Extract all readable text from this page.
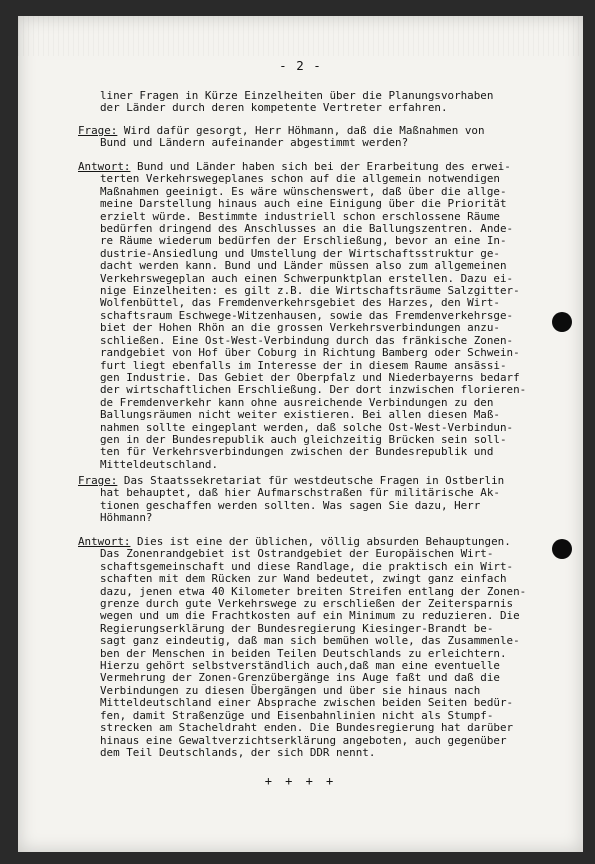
- 2 -
liner Fragen in Kürze Einzelheiten über die Planungsvorhaben
der Länder durch deren kompetente Vertreter erfahren.
Frage: Wird dafür gesorgt, Herr Höhmann, daß die Maßnahmen von
Bund und Ländern aufeinander abgestimmt werden?
Antwort: Bund und Länder haben sich bei der Erarbeitung des erwei-
terten Verkehrswegeplanes schon auf die allgemein notwendigen
Maßnahmen geeinigt. Es wäre wünschenswert, daß über die allge-
meine Darstellung hinaus auch eine Einigung über die Priorität
erzielt würde. Bestimmte industriell schon erschlossene Räume
bedürfen dringend des Anschlusses an die Ballungszentren. Ande-
re Räume wiederum bedürfen der Erschließung, bevor an eine In-
dustrie-Ansiedlung und Umstellung der Wirtschaftsstruktur ge-
dacht werden kann. Bund und Länder müssen also zum allgemeinen
Verkehrswegeplan auch einen Schwerpunktplan erstellen. Dazu ei-
nige Einzelheiten: es gilt z.B. die Wirtschaftsräume Salzgitter-
Wolfenbüttel, das Fremdenverkehrsgebiet des Harzes, den Wirt-
schaftsraum Eschwege-Witzenhausen, sowie das Fremdenverkehrsge-
biet der Hohen Rhön an die grossen Verkehrsverbindungen anzu-
schließen. Eine Ost-West-Verbindung durch das fränkische Zonen-
randgebiet von Hof über Coburg in Richtung Bamberg oder Schwein-
furt liegt ebenfalls im Interesse der in diesem Raume ansässi-
gen Industrie. Das Gebiet der Oberpfalz und Niederbayerns bedarf
der wirtschaftlichen Erschließung. Der dort inzwischen florieren-
de Fremdenverkehr kann ohne ausreichende Verbindungen zu den
Ballungsräumen nicht weiter existieren. Bei allen diesen Maß-
nahmen sollte eingeplant werden, daß solche Ost-West-Verbindun-
gen in der Bundesrepublik auch gleichzeitig Brücken sein soll-
ten für Verkehrsverbindungen zwischen der Bundesrepublik und
Mitteldeutschland.
Frage: Das Staatssekretariat für westdeutsche Fragen in Ostberlin
hat behauptet, daß hier Aufmarschstraßen für militärische Ak-
tionen geschaffen werden sollten. Was sagen Sie dazu, Herr
Höhmann?
Antwort: Dies ist eine der üblichen, völlig absurden Behauptungen.
Das Zonenrandgebiet ist Ostrandgebiet der Europäischen Wirt-
schaftsgemeinschaft und diese Randlage, die praktisch ein Wirt-
schaften mit dem Rücken zur Wand bedeutet, zwingt ganz einfach
dazu, jenen etwa 40 Kilometer breiten Streifen entlang der Zonen-
grenze durch gute Verkehrswege zu erschließen der Zeitersparnis
wegen und um die Frachtkosten auf ein Minimum zu reduzieren. Die
Regierungserklärung der Bundesregierung Kiesinger-Brandt be-
sagt ganz eindeutig, daß man sich bemühen wolle, das Zusammenle-
ben der Menschen in beiden Teilen Deutschlands zu erleichtern.
Hierzu gehört selbstverständlich auch,daß man eine eventuelle
Vermehrung der Zonen-Grenzübergänge ins Auge faßt und daß die
Verbindungen zu diesen Übergängen und über sie hinaus nach
Mitteldeutschland einer Absprache zwischen beiden Seiten bedür-
fen, damit Straßenzüge und Eisenbahnlinien nicht als Stumpf-
strecken am Stacheldraht enden. Die Bundesregierung hat darüber
hinaus eine Gewaltverzichtserklärung angeboten, auch gegenüber
dem Teil Deutschlands, der sich DDR nennt.
+ + + +
